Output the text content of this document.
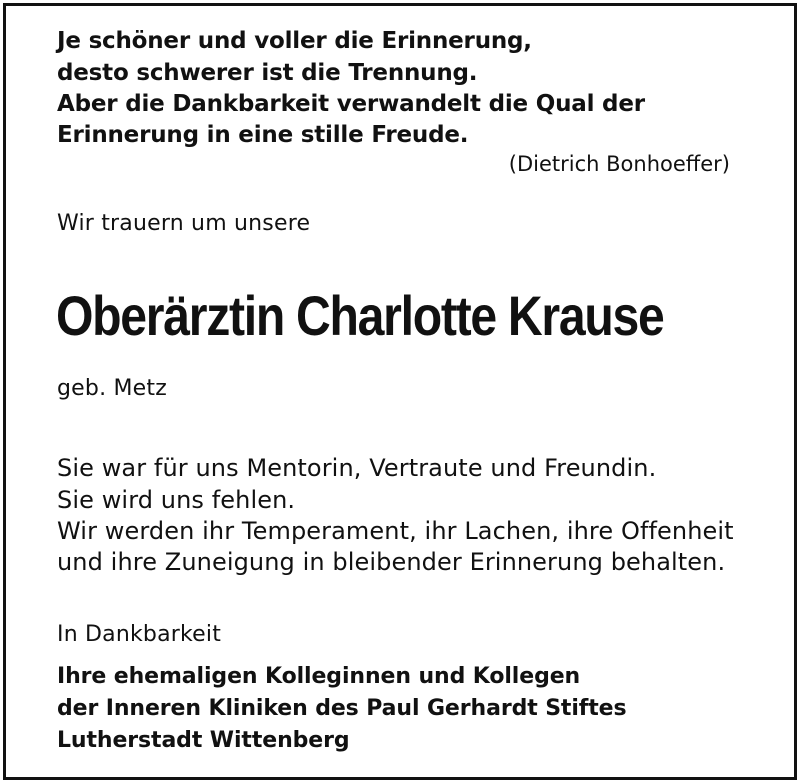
Je schöner und voller die Erinnerung,
desto schwerer ist die Trennung.
Aber die Dankbarkeit verwandelt die Qual der
Erinnerung in eine stille Freude.
(Dietrich Bonhoeffer)
Wir trauern um unsere
Oberärztin Charlotte Krause
geb. Metz
Sie war für uns Mentorin, Vertraute und Freundin.
Sie wird uns fehlen.
Wir werden ihr Temperament, ihr Lachen, ihre Offenheit
und ihre Zuneigung in bleibender Erinnerung behalten.
In Dankbarkeit
Ihre ehemaligen Kolleginnen und Kollegen
der Inneren Kliniken des Paul Gerhardt Stiftes
Lutherstadt Wittenberg
